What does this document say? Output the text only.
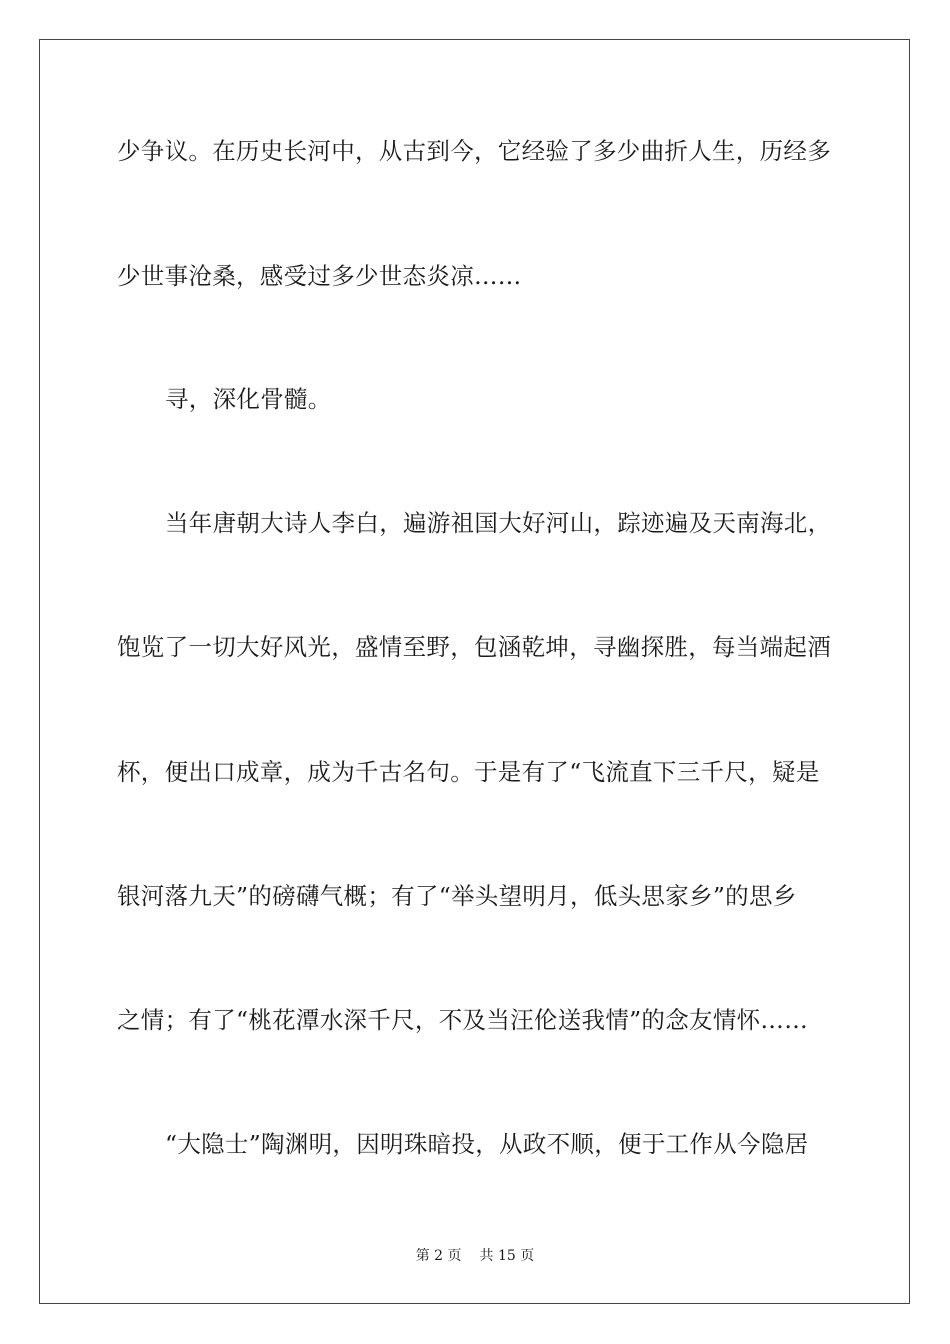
少争议。在历史长河中，从古到今，它经验了多少曲折人生，历经多
少世事沧桑，感受过多少世态炎凉……
寻，深化骨髓。
当年唐朝大诗人李白，遍游祖国大好河山，踪迹遍及天南海北，
饱览了一切大好风光，盛情至野，包涵乾坤，寻幽探胜，每当端起酒
杯，便出口成章，成为千古名句。于是有了“飞流直下三千尺，疑是
银河落九天”的磅礴气概；有了“举头望明月，低头思家乡”的思乡
之情；有了“桃花潭水深千尺，不及当汪伦送我情”的念友情怀……
“大隐士”陶渊明，因明珠暗投，从政不顺，便于工作从今隐居
第 2 页 共 15 页
